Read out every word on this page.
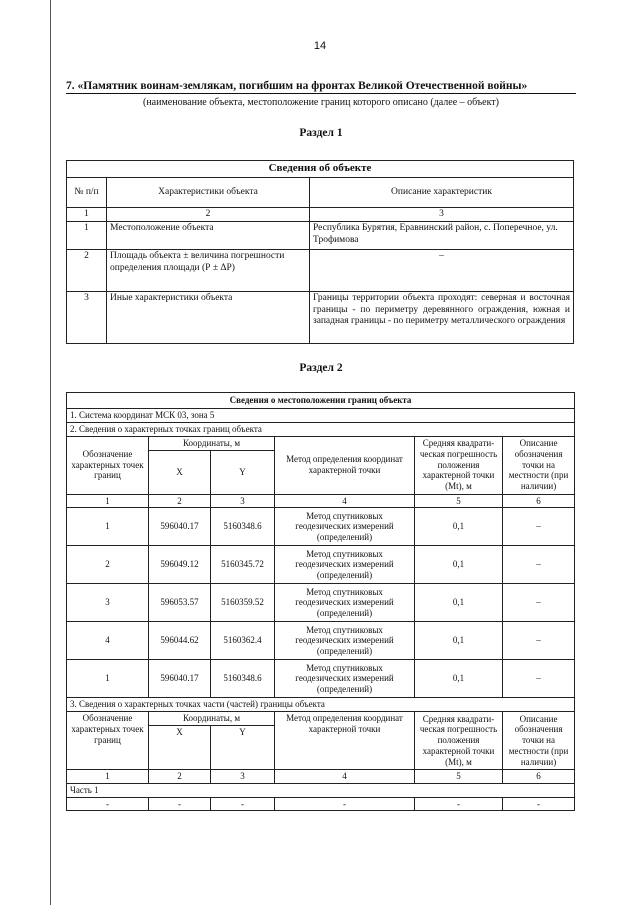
14
7. «Памятник воинам-землякам, погибшим на фронтах Великой Отечественной войны»
(наименование объекта, местоположение границ которого описано (далее – объект)
Раздел 1
Сведения об объекте		
№ п/п	Характеристики объекта	Описание характеристик
1	2	3
1	Местоположение объекта	Республика Бурятия, Еравнинский район, с. Поперечное, ул. Трофимова
2	Площадь объекта ± величина погрешности определения площади (Р ± ΔР)	–
3	Иные характеристики объекта	Границы территории объекта проходят: северная и восточная границы - по периметру деревянного ограждения, южная и западная границы - по периметру металлического ограждения
Раздел 2
Сведения о местоположении границ объекта					
1. Система координат МСК 03, зона 5					
2. Сведения о характерных точках границ объекта					
Обозначение характерных точек границ	Координаты, м		Метод определения координат характерной точки	Средняя квадрати-ческая погрешность положения характерной точки (Mt), м	Описание обозначения точки на местности (при наличии)
	X	Y			
1	2	3	4	5	6
1	596040.17	5160348.6	Метод спутниковых геодезических измерений (определений)	0,1	–
2	596049.12	5160345.72	Метод спутниковых геодезических измерений (определений)	0,1	–
3	596053.57	5160359.52	Метод спутниковых геодезических измерений (определений)	0,1	–
4	596044.62	5160362.4	Метод спутниковых геодезических измерений (определений)	0,1	–
1	596040.17	5160348.6	Метод спутниковых геодезических измерений (определений)	0,1	–
3. Сведения о характерных точках части (частей) границы объекта					
Обозначение характерных точек границ	Координаты, м		Метод определения координат характерной точки	Средняя квадрати-ческая погрешность положения характерной точки (Mt), м	Описание обозначения точки на местности (при наличии)
	X	Y			
1	2	3	4	5	6
Часть 1					
-	-	-	-	-	-
